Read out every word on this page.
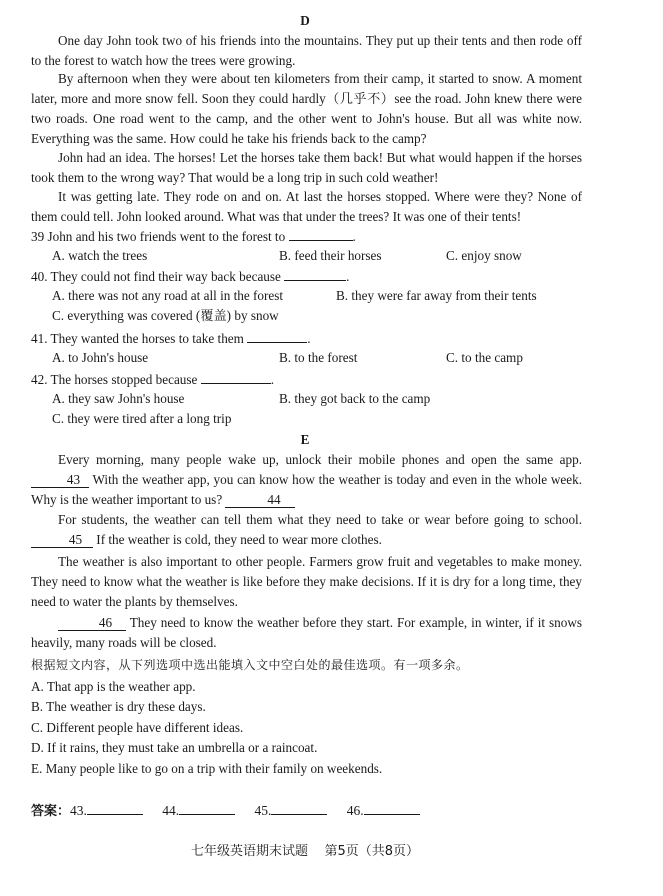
D
One day John took two of his friends into the mountains. They put up their tents and then rode off to the forest to watch how the trees were growing.
By afternoon when they were about ten kilometers from their camp, it started to snow. A moment later, more and more snow fell. Soon they could hardly（几乎不）see the road. John knew there were two roads. One road went to the camp, and the other went to John's house. But all was white now. Everything was the same. How could he take his friends back to the camp?
John had an idea. The horses! Let the horses take them back! But what would happen if the horses took them to the wrong way? That would be a long trip in such cold weather!
It was getting late. They rode on and on. At last the horses stopped. Where were they? None of them could tell. John looked around. What was that under the trees? It was one of their tents!
39 John and his two friends went to the forest to	.
A. watch the trees	B. feed their horses	C. enjoy snow
40. They could not find their way back because	.
A. there was not any road at all in the forest	B. they were far away from their tents
C. everything was covered (覆盖) by snow
41. They wanted the horses to take them	.
A. to John's house	B. to the forest	C. to the camp
42. The horses stopped because	.
A. they saw John's house	B. they got back to the camp
C. they were tired after a long trip
E
Every morning, many people wake up, unlock their mobile phones and open the same app. 43 With the weather app, you can know how the weather is today and even in the whole week. Why is the weather important to us?	44
For students, the weather can tell them what they need to take or wear before going to school. 45 If the weather is cold, they need to wear more clothes.
The weather is also important to other people. Farmers grow fruit and vegetables to make money. They need to know what the weather is like before they make decisions. If it is dry for a long time, they need to water the plants by themselves.
46 They need to know the weather before they start. For example, in winter, if it snows heavily, many roads will be closed.
根据短文内容，从下列选项中选出能填入文中空白处的最佳选项。有一项多余。
A. That app is the weather app.
B. The weather is dry these days.
C. Different people have different ideas.
D. If it rains, they must take an umbrella or a raincoat.
E. Many people like to go on a trip with their family on weekends.
答案：43.	44.	45.	46.
七年级英语期末试题    第5页（共8页）
